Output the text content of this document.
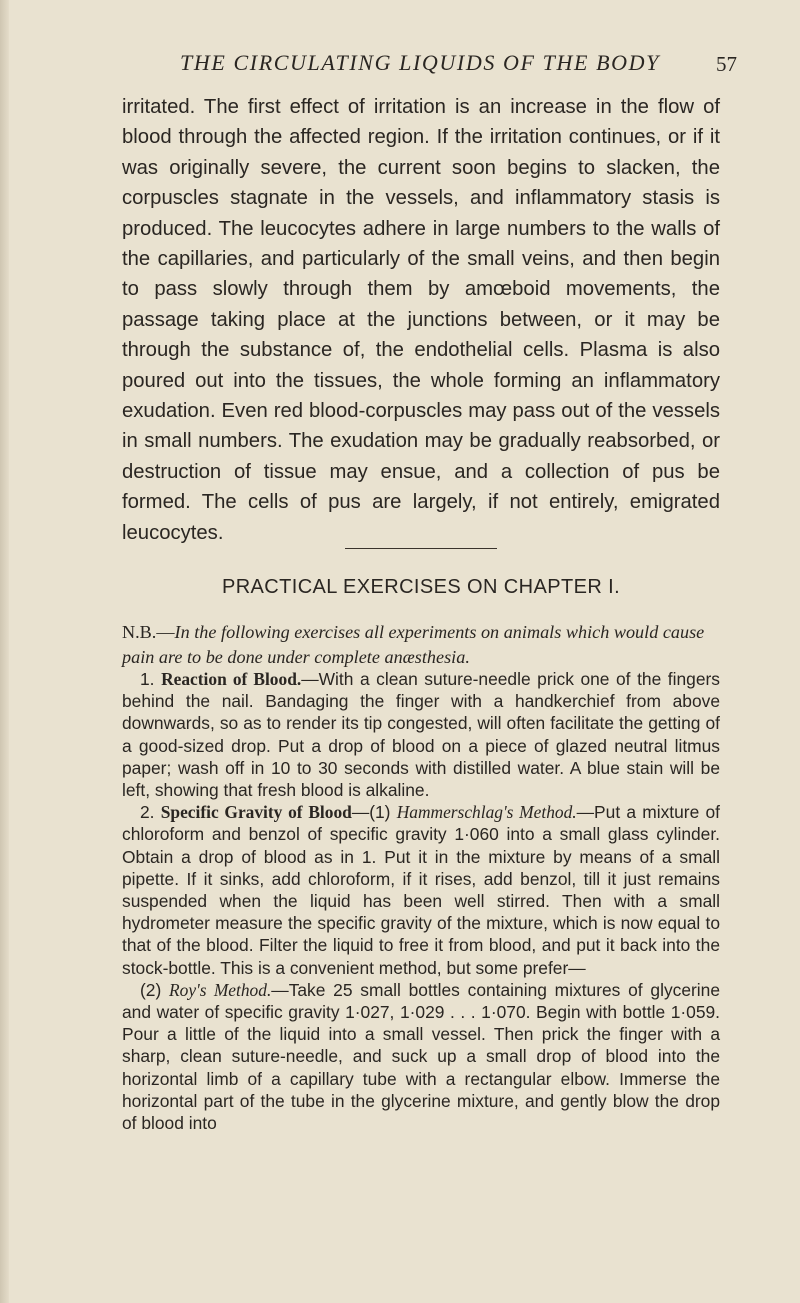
THE CIRCULATING LIQUIDS OF THE BODY	57

irritated. The first effect of irritation is an increase in the flow of blood through the affected region. If the irritation continues, or if it was originally severe, the current soon begins to slacken, the corpuscles stagnate in the vessels, and inflammatory stasis is produced. The leucocytes adhere in large numbers to the walls of the capillaries, and particularly of the small veins, and then begin to pass slowly through them by amœboid movements, the passage taking place at the junctions between, or it may be through the substance of, the endothelial cells. Plasma is also poured out into the tissues, the whole forming an inflammatory exudation. Even red blood-corpuscles may pass out of the vessels in small numbers. The exudation may be gradually reabsorbed, or destruction of tissue may ensue, and a collection of pus be formed. The cells of pus are largely, if not entirely, emigrated leucocytes.

PRACTICAL EXERCISES ON CHAPTER I.
N.B.—In the following exercises all experiments on animals which would cause pain are to be done under complete anæsthesia.

1. Reaction of Blood.—With a clean suture-needle prick one of the fingers behind the nail. Bandaging the finger with a handkerchief from above downwards, so as to render its tip congested, will often facilitate the getting of a good-sized drop. Put a drop of blood on a piece of glazed neutral litmus paper; wash off in 10 to 30 seconds with distilled water. A blue stain will be left, showing that fresh blood is alkaline.

2. Specific Gravity of Blood—(1) Hammerschlag's Method.—Put a mixture of chloroform and benzol of specific gravity 1·060 into a small glass cylinder. Obtain a drop of blood as in 1. Put it in the mixture by means of a small pipette. If it sinks, add chloroform, if it rises, add benzol, till it just remains suspended when the liquid has been well stirred. Then with a small hydrometer measure the specific gravity of the mixture, which is now equal to that of the blood. Filter the liquid to free it from blood, and put it back into the stock-bottle. This is a convenient method, but some prefer—

(2) Roy's Method.—Take 25 small bottles containing mixtures of glycerine and water of specific gravity 1·027, 1·029 . . . 1·070. Begin with bottle 1·059. Pour a little of the liquid into a small vessel. Then prick the finger with a sharp, clean suture-needle, and suck up a small drop of blood into the horizontal limb of a capillary tube with a rectangular elbow. Immerse the horizontal part of the tube in the glycerine mixture, and gently blow the drop of blood into
